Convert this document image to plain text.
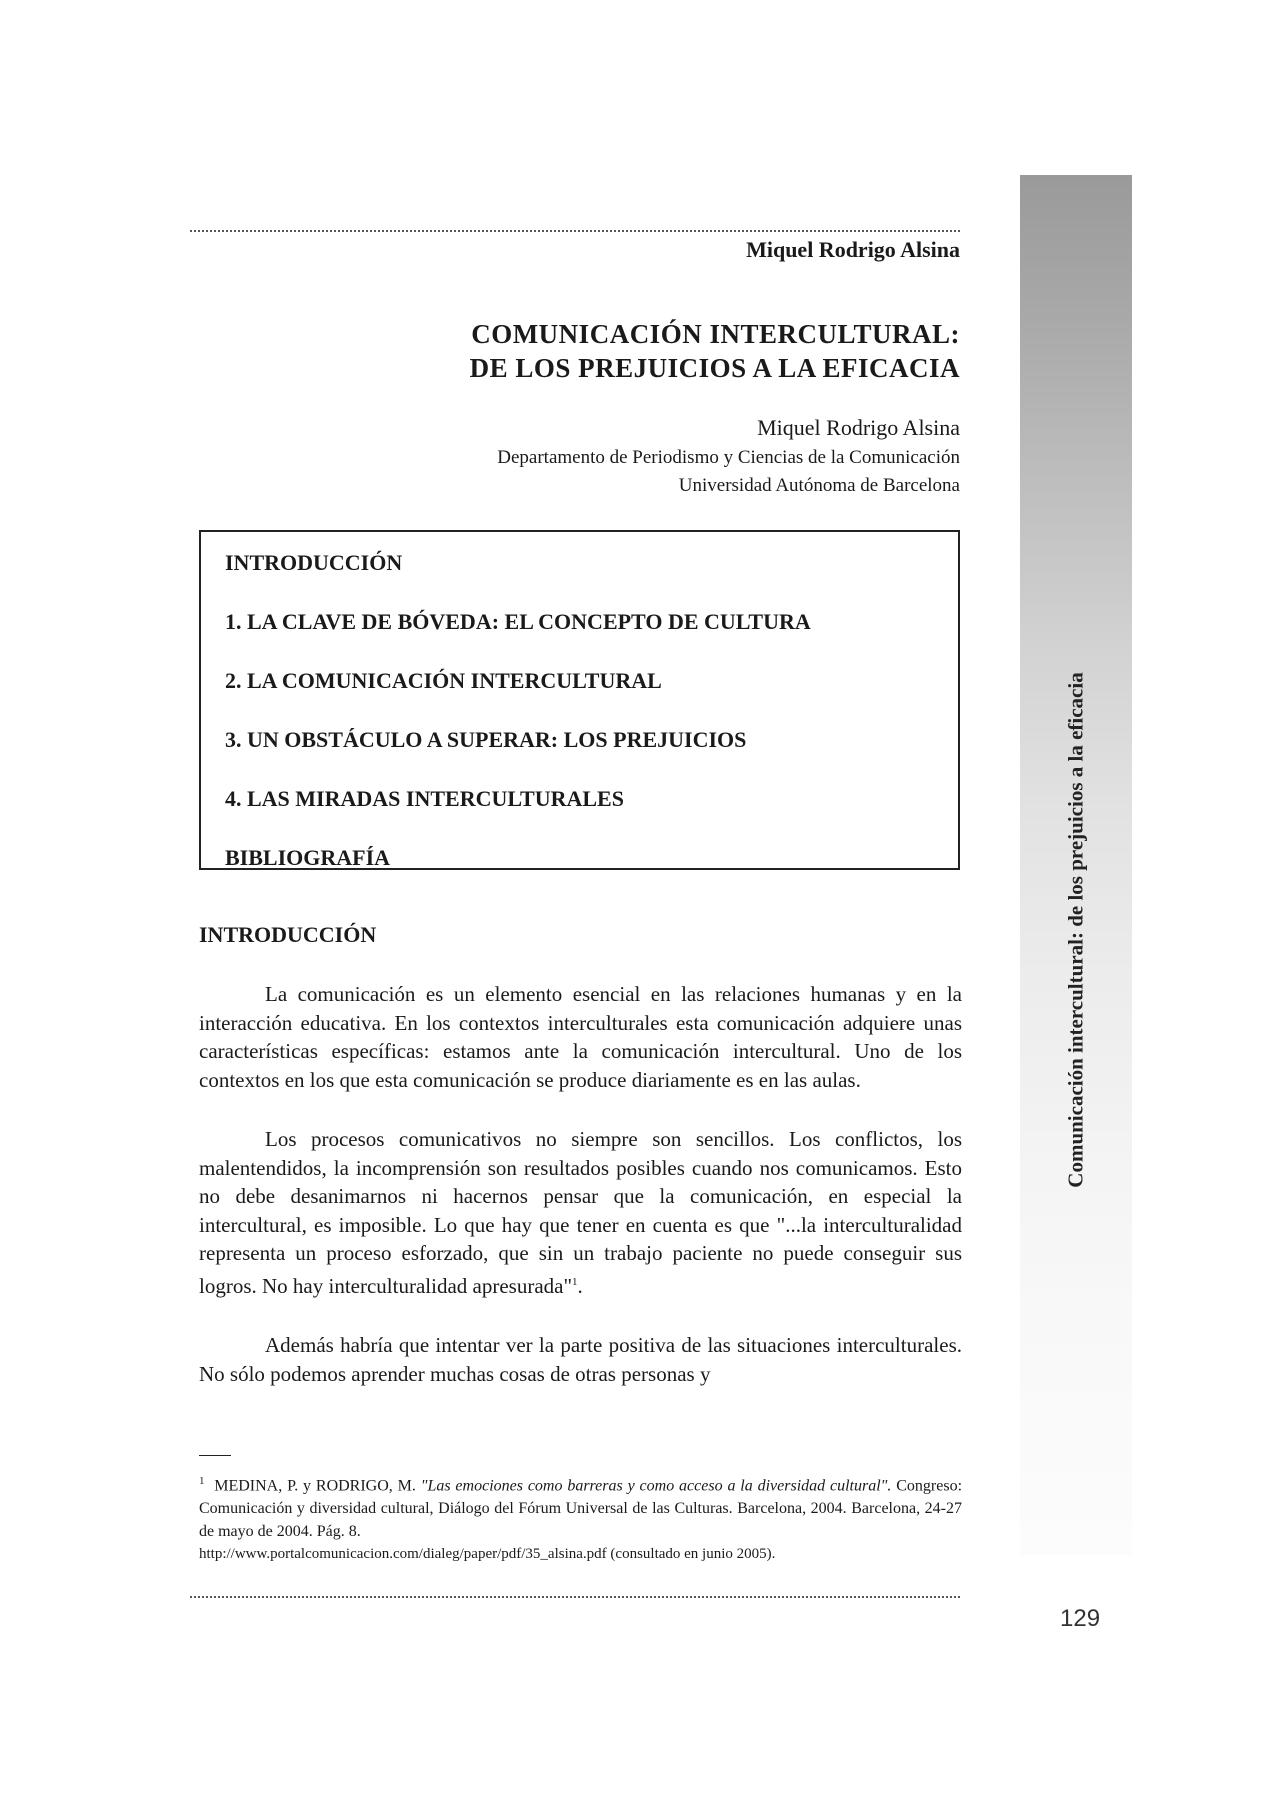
Comunicación intercultural: de los prejuicios a la eficacia
Miquel Rodrigo Alsina
COMUNICACIÓN INTERCULTURAL:
DE LOS PREJUICIOS A LA EFICACIA
Miquel Rodrigo Alsina
Departamento de Periodismo y Ciencias de la Comunicación
Universidad Autónoma de Barcelona
INTRODUCCIÓN
1. LA CLAVE DE BÓVEDA: EL CONCEPTO DE CULTURA
2. LA COMUNICACIÓN INTERCULTURAL
3. UN OBSTÁCULO A SUPERAR: LOS PREJUICIOS
4. LAS MIRADAS INTERCULTURALES
BIBLIOGRAFÍA
INTRODUCCIÓN

La comunicación es un elemento esencial en las relaciones humanas y en la interacción educativa. En los contextos interculturales esta comunicación adquiere unas características específicas: estamos ante la comunicación intercultural. Uno de los contextos en los que esta comunicación se produce diariamente es en las aulas.

Los procesos comunicativos no siempre son sencillos. Los conflictos, los malentendidos, la incomprensión son resultados posibles cuando nos comunicamos. Esto no debe desanimarnos ni hacernos pensar que la comunicación, en especial la intercultural, es imposible. Lo que hay que tener en cuenta es que "...la interculturalidad representa un proceso esforzado, que sin un trabajo paciente no puede conseguir sus logros. No hay interculturalidad apresurada"$^1$.

Además habría que intentar ver la parte positiva de las situaciones interculturales. No sólo podemos aprender muchas cosas de otras personas y

$^1$ MEDINA, P. y RODRIGO, M. "Las emociones como barreras y como acceso a la diversidad cultural". Congreso: Comunicación y diversidad cultural, Diálogo del Fórum Universal de las Culturas. Barcelona, 2004. Barcelona, 24-27 de mayo de 2004. Pág. 8.
http://www.portalcomunicacion.com/dialeg/paper/pdf/35_alsina.pdf (consultado en junio 2005).
129
